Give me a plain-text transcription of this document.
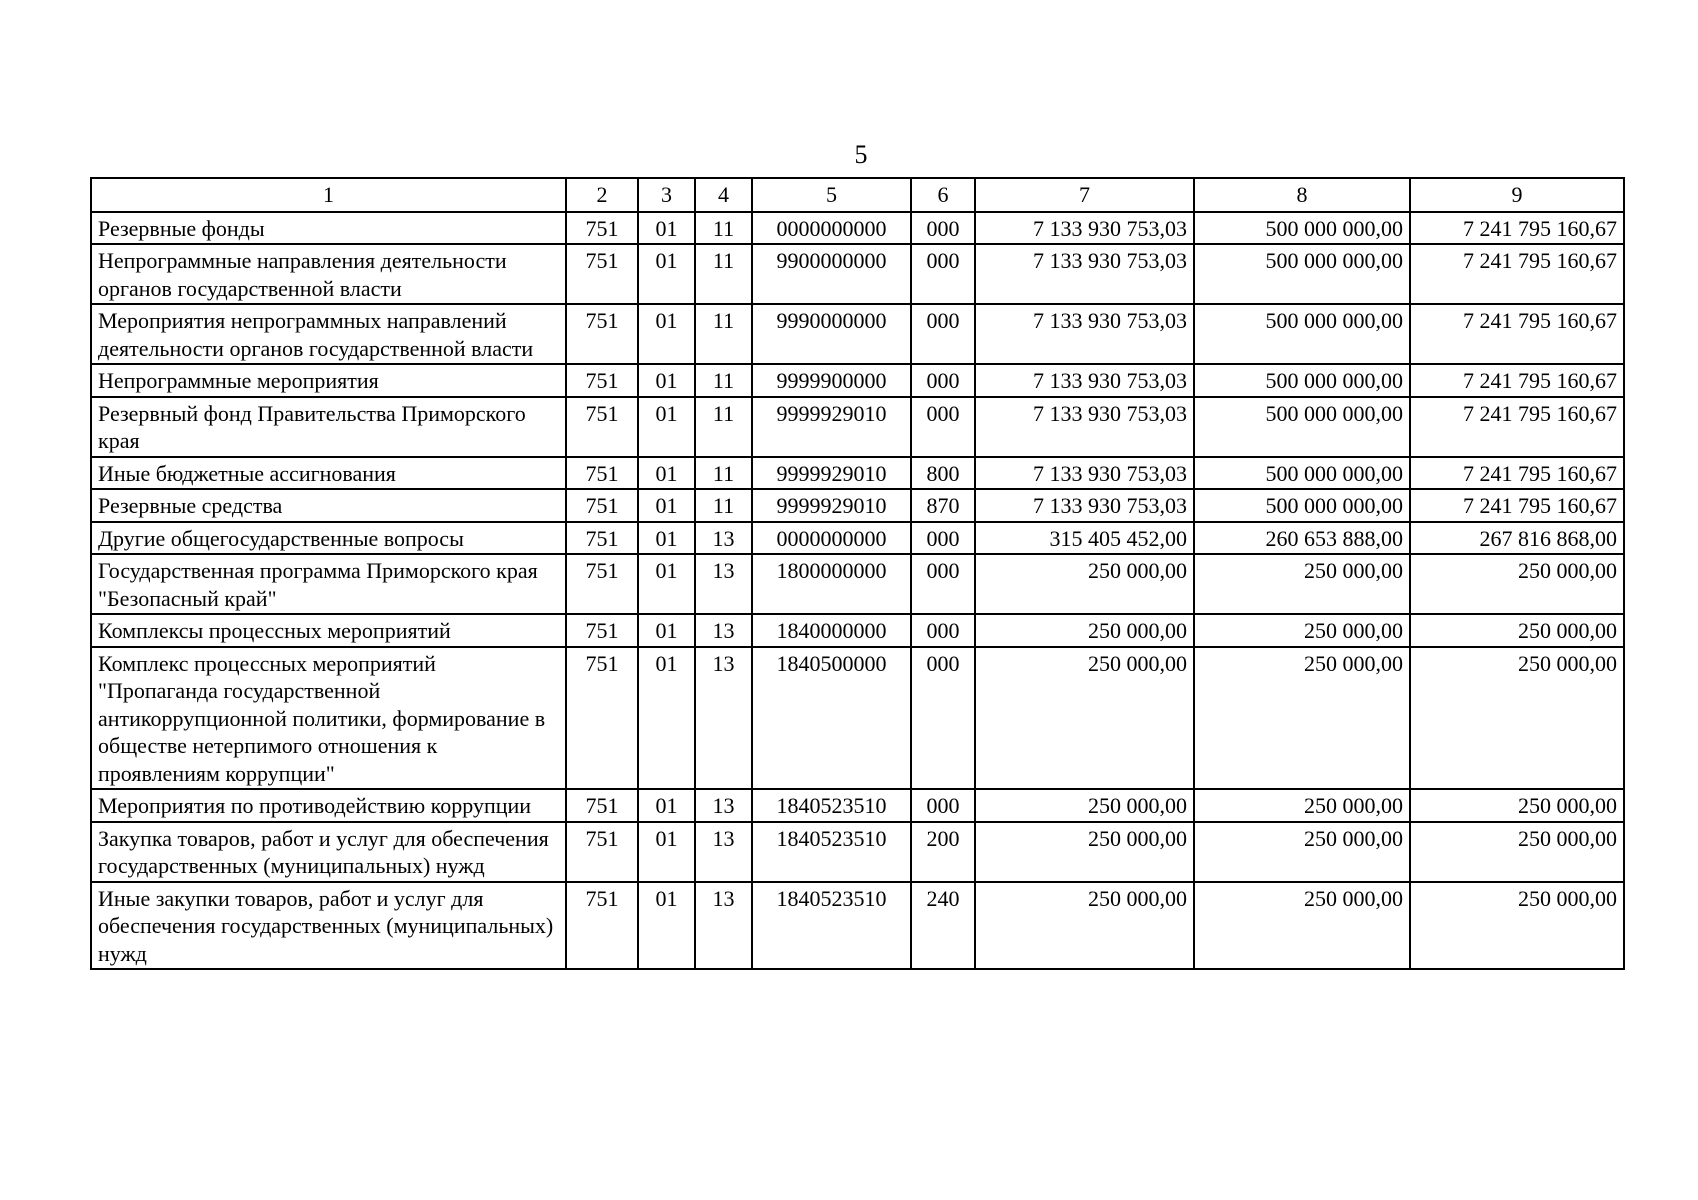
5
1	2	3	4	5	6	7	8	9
Резервные фонды	751	01	11	0000000000	000	7 133 930 753,03	500 000 000,00	7 241 795 160,67
Непрограммные направления деятельности органов государственной власти	751	01	11	9900000000	000	7 133 930 753,03	500 000 000,00	7 241 795 160,67
Мероприятия непрограммных направлений деятельности органов государственной власти	751	01	11	9990000000	000	7 133 930 753,03	500 000 000,00	7 241 795 160,67
Непрограммные мероприятия	751	01	11	9999900000	000	7 133 930 753,03	500 000 000,00	7 241 795 160,67
Резервный фонд Правительства Приморского края	751	01	11	9999929010	000	7 133 930 753,03	500 000 000,00	7 241 795 160,67
Иные бюджетные ассигнования	751	01	11	9999929010	800	7 133 930 753,03	500 000 000,00	7 241 795 160,67
Резервные средства	751	01	11	9999929010	870	7 133 930 753,03	500 000 000,00	7 241 795 160,67
Другие общегосударственные вопросы	751	01	13	0000000000	000	315 405 452,00	260 653 888,00	267 816 868,00
Государственная программа Приморского края "Безопасный край"	751	01	13	1800000000	000	250 000,00	250 000,00	250 000,00
Комплексы процессных мероприятий	751	01	13	1840000000	000	250 000,00	250 000,00	250 000,00
Комплекс процессных мероприятий "Пропаганда государственной антикоррупционной политики, формирование в обществе нетерпимого отношения к проявлениям коррупции"	751	01	13	1840500000	000	250 000,00	250 000,00	250 000,00
Мероприятия по противодействию коррупции	751	01	13	1840523510	000	250 000,00	250 000,00	250 000,00
Закупка товаров, работ и услуг для обеспечения государственных (муниципальных) нужд	751	01	13	1840523510	200	250 000,00	250 000,00	250 000,00
Иные закупки товаров, работ и услуг для обеспечения государственных (муниципальных) нужд	751	01	13	1840523510	240	250 000,00	250 000,00	250 000,00
